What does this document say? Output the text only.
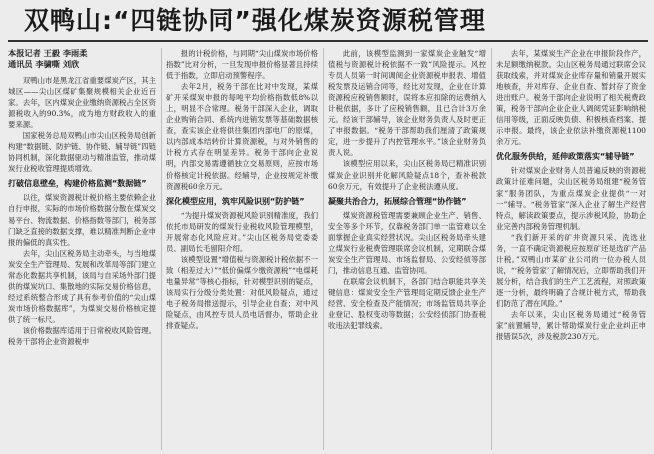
双鸭山:“四链协同”强化煤炭资源税管理
本报记者 王毅 李雨柔
通讯员 李骕嘶 刘欣

双鸭山市是黑龙江省重要煤炭产区，其主城区——尖山区煤矿集聚规模相关企业近百家。去年，区内煤炭企业缴纳资源税占全区资源税收入的90.3%，成为地方财政收入的重要来源。

国家税务总局双鸭山市尖山区税务局创新构建“数据链、防护链、协作链、辅导链”四链协同机制，深化数据驱动与精准监管，推动煤炭行业税收管理提质增效。

打破信息壁垒，构建价格监测“数据链”

以往，煤炭资源税计税价格主要依赖企业自行申报，实际的市场价格数据分散在煤炭交易平台、物流数据、价格指数等部门，税务部门缺乏直接的数据支撑，难以精准判断企业申报的偏低的真实性。

去年，尖山区税务局主动牵头，与当地煤炭安全生产管理局、发展和改革局等部门建立常态化数据共享机制，该局与自采场外部门提供的煤炭坑口、集散地的实际交易价格信息，经过系统整合形成了具有参考价值的“尖山煤炭市场价格数据库”，为煤炭交易价格核定提供了统一标尺。

该价格数据库适用于日常税收风险管理。税务干部将企业资源税申

报的计税价格，与同期“尖山煤炭市场价格指数”比对分析，一旦发现申报价格显著且持续低于指数，立即启动预警程序。

去年2月，税务干部在比对中发现，某煤矿开采煤炭申报的每吨平均价格指数低8%以上，明显不合常理。税务干部深入企业，调取企业购销合同、系统内进销发票等基础数据核查，查实该企业将供往集团内部电厂的原煤，以内部成本结转价计算资源税，与对外销售的计税方式存在明显差异。税务干部向企业说明，内部交易需遵循独立交易原则，应按市场价格核定计税依据。经辅导，企业按规定补缴资源税60余万元。

深化模型应用，筑牢风险识别“防护链”

“为提升煤炭资源税风险识别精准度，我们依托市局研发的煤炭行业税收风险管理模型，开展常态化风险应对。”尖山区税务局党委委员、副局长毛留阳介绍。

该模型设置“增值税与资源税计税依据不一致（相差过大）”“低价偏煤少缴资源税”“电煤耗电量异常”等核心指标，针对模型识别的疑点，该局实行分级分类处置：对低风险疑点，通过电子税务局推送提示，引导企业自查；对中风险疑点，由风控专员人员电话督办，帮助企业排查疑点。

此前，该模型监测到一家煤炭企业触发“增值税与资源税计税依据不一致”风险提示。风控专员人员第一时间调阅企业资源税申报表、增值税发票及运销合同等，经比对发现，企业在计算资源税应税销售额时，误将本应扣除的运费纳入计税依据，多计了应税销售额，且已合计3万余元。经该干部辅导，该企业财务负责人及时更正了申报数据。“税务干部帮助我们厘清了政策规定，进一步提升了内控管理水平。”该企业财务负责人说。

该模型应用以来，尖山区税务局已精准识别煤炭企业识别并化解风险疑点18个，查补税款60余万元，有效提升了企业税法遵从度。

凝聚共治合力，拓展综合管理“协作链”

煤炭资源税管理需要兼顾企业生产、销售、安全等多个环节，仅靠税务部门单一监管难以全面掌握企业真实经营状况。尖山区税务局牵头建立煤炭行业税费管理联席会议机制，定期联合煤炭安全生产管理局、市场监督局、公安经侦等部门，推动信息互通、监管协同。

在联席会议机制下，各部门结合职能共享关键信息：煤炭安全生产管理局定期反馈企业生产经营、安全检查及产能情况；市场监管局共享企业登记、股权变动等数据；公安经侦部门协查税收违法犯罪线索。

去年，某煤炭生产企业在申报阶段作产，未足额缴纳税款。尖山区税务局通过联席会议获取线索，并对煤炭企业库存量和销量开展实地核查，并对库存、企业自查、暂封存了资金进出账户。税务干部向企业说明了相关税费政策，税务干部向企业企业人调阅凭证影响纳税信用等级，正面反映负债、积极核查档案、提示申报。最终，该企业依法补缴资源税1100余万元。

优化服务供给，延伸政策落实“辅导链”

针对煤炭企业财务人员普遍反映的资源税政策计征难问题，尖山区税务局组建“税务管家”服务团队，为重点煤炭企业提供“一对一”辅导。“税务管家”深入企业了解生产经营特点，解读政策要点，提示涉税风险，协助企业完善内部税务管理机制。

“我们新开采的矿井资源只采、洗选业务，一直不确定资源税应按原矿还是选矿产品计税。”双鸭山市某矿业公司的一位办税人员说，“‘税务管家’了解情况后，立即帮助我们开展分析，结合我们的生产工艺流程，对照政策逐一分析，最终明确了合规计税方式，帮助我们防范了潜在风险。”

去年以来，尖山区税务局通过“税务管家”前置辅导，累计帮助煤炭行业企业纠正申报错误5次，涉及税款230万元。
